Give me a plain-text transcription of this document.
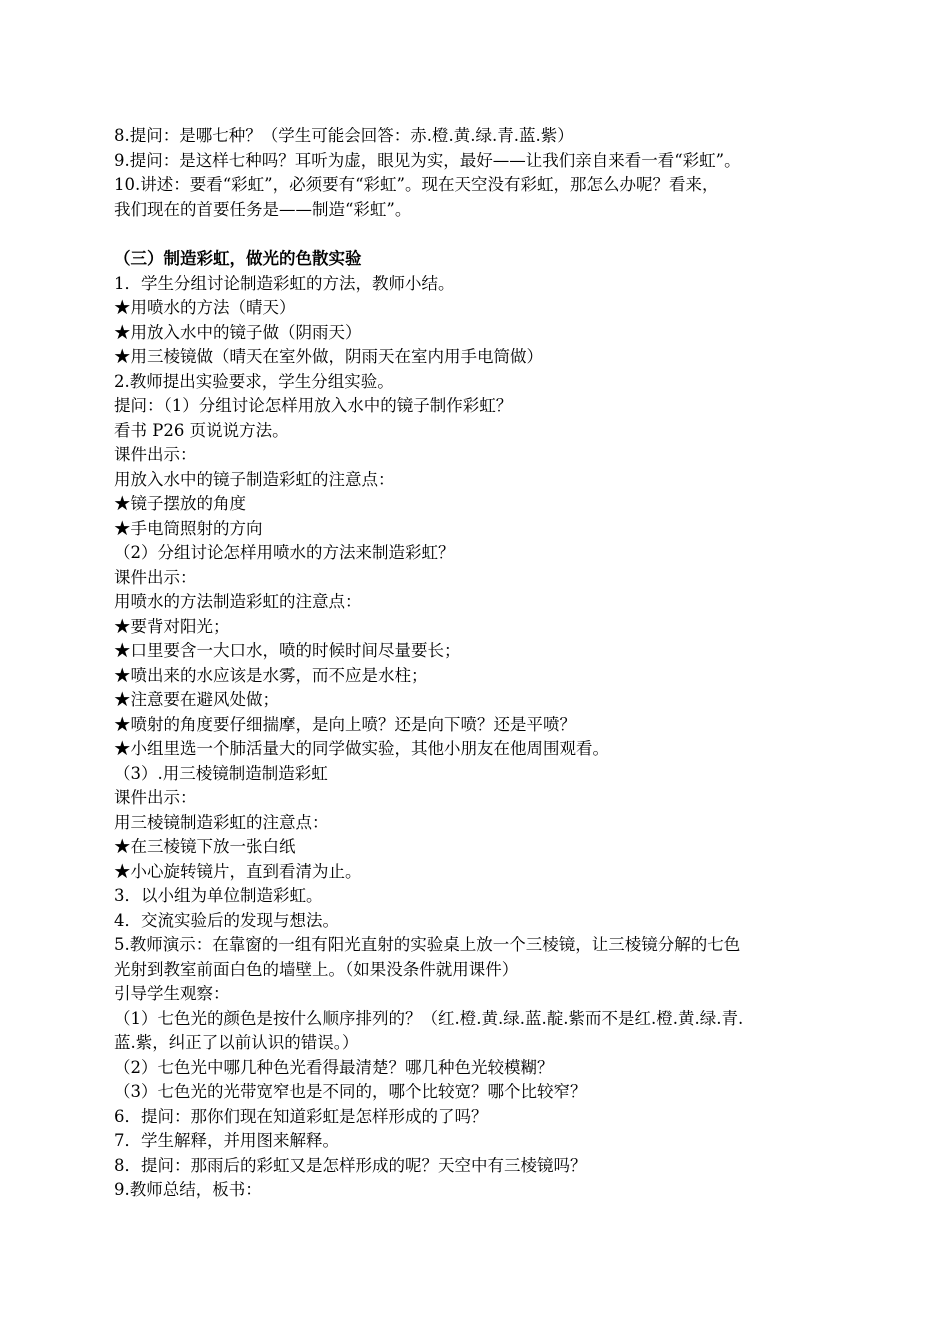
8.提问：是哪七种？（学生可能会回答：赤.橙.黄.绿.青.蓝.紫）
9.提问：是这样七种吗？耳听为虚，眼见为实，最好——让我们亲自来看一看“彩虹”。
10.讲述：要看“彩虹”，必须要有“彩虹”。现在天空没有彩虹，那怎么办呢？看来，
我们现在的首要任务是——制造“彩虹”。
（三）制造彩虹，做光的色散实验
1．学生分组讨论制造彩虹的方法，教师小结。
★用喷水的方法（晴天）
★用放入水中的镜子做（阴雨天）
★用三棱镜做（晴天在室外做，阴雨天在室内用手电筒做）
2.教师提出实验要求，学生分组实验。
提问：（1）分组讨论怎样用放入水中的镜子制作彩虹？
看书 P26 页说说方法。
课件出示：
用放入水中的镜子制造彩虹的注意点：
★镜子摆放的角度
★手电筒照射的方向
（2）分组讨论怎样用喷水的方法来制造彩虹？
课件出示：
用喷水的方法制造彩虹的注意点：
★要背对阳光；
★口里要含一大口水，喷的时候时间尽量要长；
★喷出来的水应该是水雾，而不应是水柱；
★注意要在避风处做；
★喷射的角度要仔细揣摩，是向上喷？还是向下喷？还是平喷？
★小组里选一个肺活量大的同学做实验，其他小朋友在他周围观看。
（3）.用三棱镜制造制造彩虹
课件出示：
用三棱镜制造彩虹的注意点：
★在三棱镜下放一张白纸
★小心旋转镜片，直到看清为止。
3．以小组为单位制造彩虹。
4．交流实验后的发现与想法。
5.教师演示：在靠窗的一组有阳光直射的实验桌上放一个三棱镜，让三棱镜分解的七色
光射到教室前面白色的墙壁上。（如果没条件就用课件）
引导学生观察：
（1）七色光的颜色是按什么顺序排列的？（红.橙.黄.绿.蓝.靛.紫而不是红.橙.黄.绿.青.
蓝.紫，纠正了以前认识的错误。）
（2）七色光中哪几种色光看得最清楚？哪几种色光较模糊？
（3）七色光的光带宽窄也是不同的，哪个比较宽？哪个比较窄？
6．提问：那你们现在知道彩虹是怎样形成的了吗？
7．学生解释，并用图来解释。
8．提问：那雨后的彩虹又是怎样形成的呢？天空中有三棱镜吗？
9.教师总结，板书：
